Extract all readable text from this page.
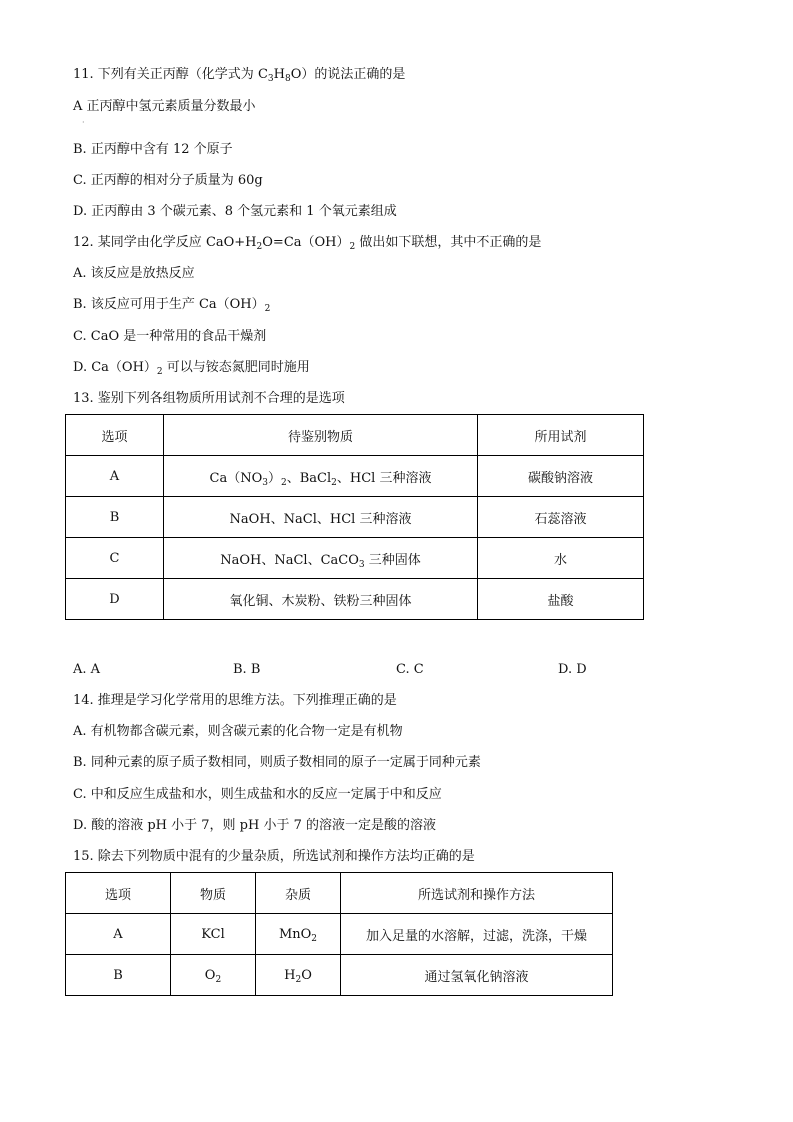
11. 下列有关正丙醇（化学式为 $C_3H_8O$）的说法正确的是
A 正丙醇中氢元素质量分数最小
·
B. 正丙醇中含有 12 个原子
C. 正丙醇的相对分子质量为 60g
D. 正丙醇由 3 个碳元素、8 个氢元素和 1 个氧元素组成
12. 某同学由化学反应 $CaO+H_2O=Ca(OH)_2$ 做出如下联想，其中不正确的是
A. 该反应是放热反应
B. 该反应可用于生产 $Ca(OH)_2$
C. CaO 是一种常用的食品干燥剂
D. $Ca(OH)_2$ 可以与铵态氮肥同时施用
13. 鉴别下列各组物质所用试剂不合理的是选项
选项	待鉴别物质	所用试剂
A	$Ca(NO_3)_2$、BaCl$_2$、HCl 三种溶液	碳酸钠溶液
B	NaOH、NaCl、HCl 三种溶液	石蕊溶液
C	NaOH、NaCl、CaCO$_3$ 三种固体	水
D	氧化铜、木炭粉、铁粉三种固体	盐酸
A. A	B. B	C. C	D. D
14. 推理是学习化学常用的思维方法。下列推理正确的是
A. 有机物都含碳元素，则含碳元素的化合物一定是有机物
B. 同种元素的原子质子数相同，则质子数相同的原子一定属于同种元素
C. 中和反应生成盐和水，则生成盐和水的反应一定属于中和反应
D. 酸的溶液 pH 小于 7，则 pH 小于 7 的溶液一定是酸的溶液
15. 除去下列物质中混有的少量杂质，所选试剂和操作方法均正确的是
选项	物质	杂质	所选试剂和操作方法
A	KCl	MnO$_2$	加入足量的水溶解，过滤，洗涤，干燥
B	$O_2$	$H_2O$	通过氢氧化钠溶液
